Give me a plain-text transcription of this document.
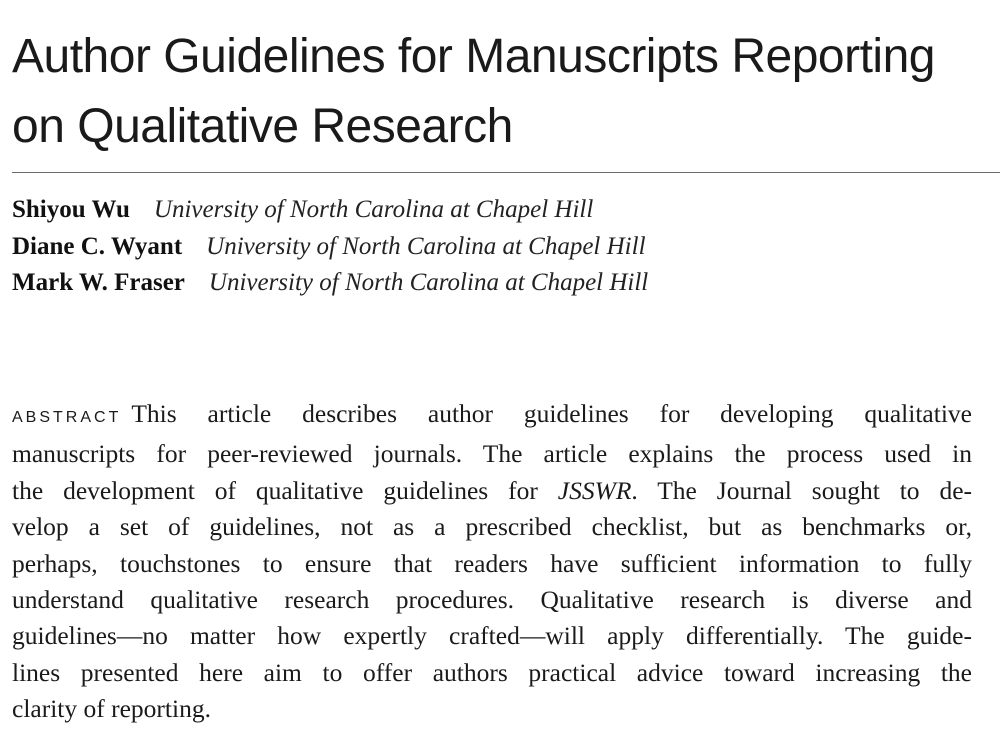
Author Guidelines for Manuscripts Reporting
on Qualitative Research
Shiyou Wu University of North Carolina at Chapel Hill
Diane C. Wyant University of North Carolina at Chapel Hill
Mark W. Fraser University of North Carolina at Chapel Hill
ABSTRACT This article describes author guidelines for developing qualitative
manuscripts for peer-reviewed journals. The article explains the process used in
the development of qualitative guidelines for JSSWR. The Journal sought to de-
velop a set of guidelines, not as a prescribed checklist, but as benchmarks or,
perhaps, touchstones to ensure that readers have sufficient information to fully
understand qualitative research procedures. Qualitative research is diverse and
guidelines—no matter how expertly crafted—will apply differentially. The guide-
lines presented here aim to offer authors practical advice toward increasing the
clarity of reporting.
